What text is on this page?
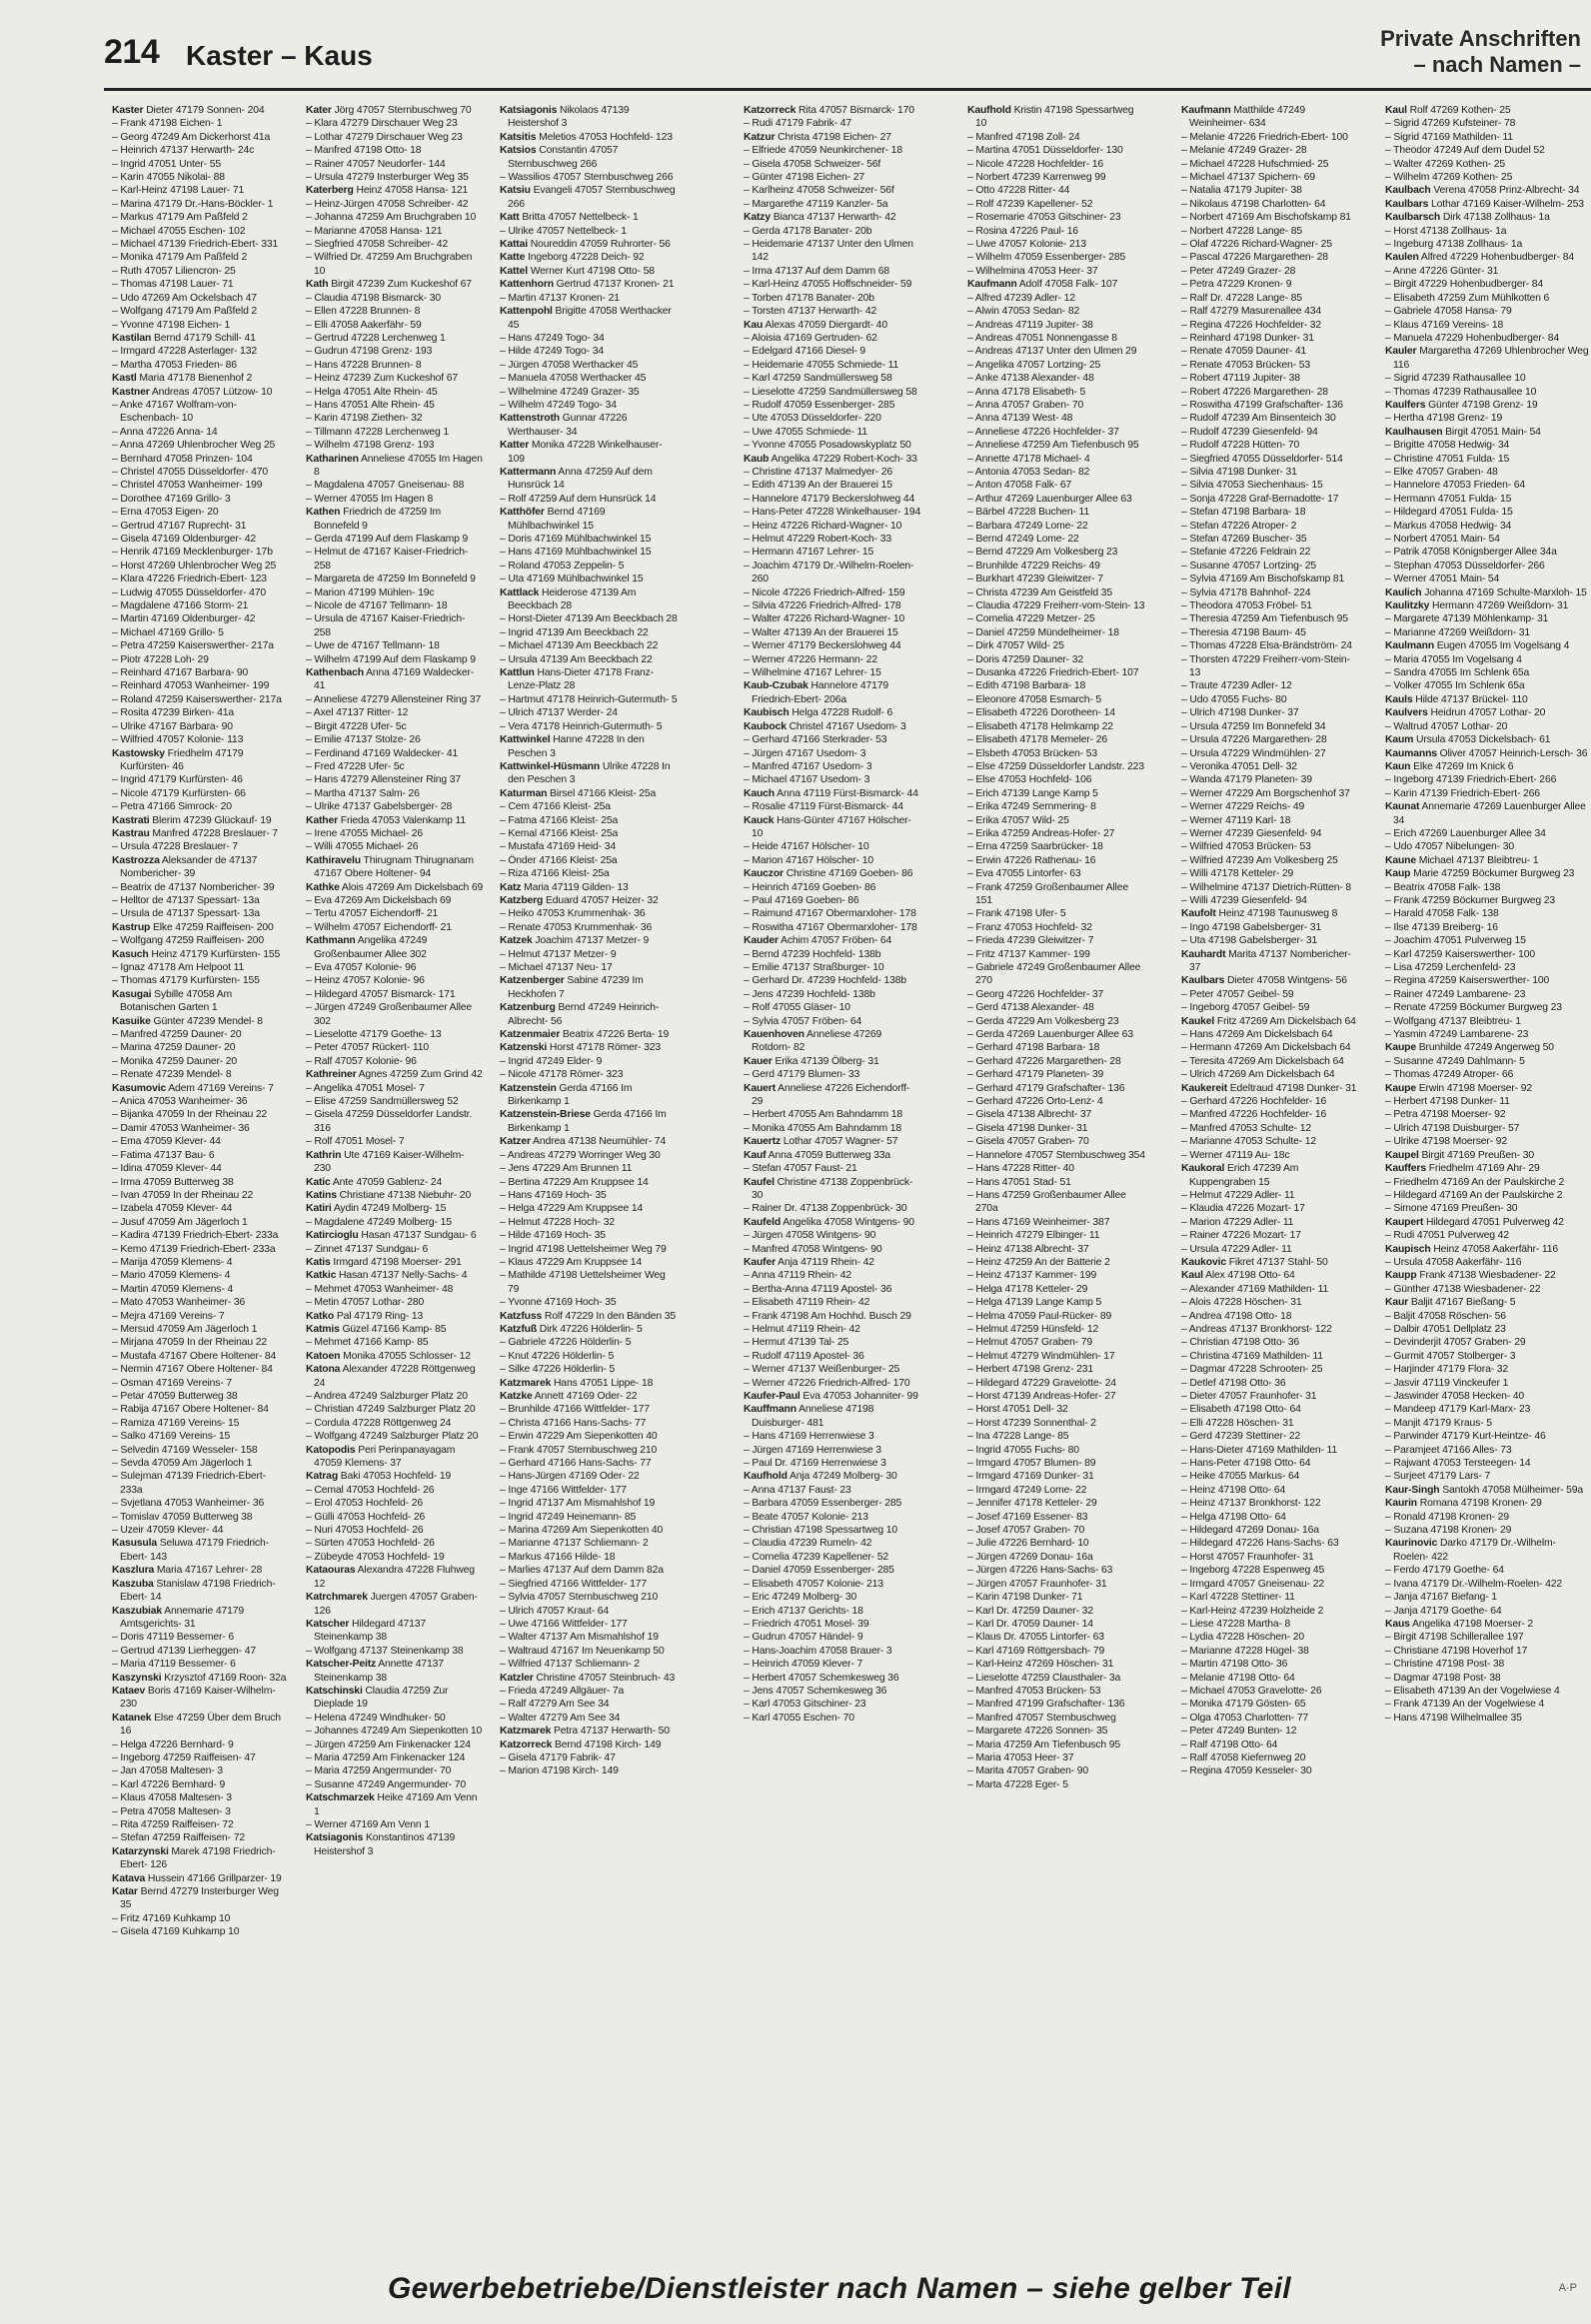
214 Kaster – Kaus
Private Anschriften
– nach Namen –
Kaster Dieter 47179 Sonnen- 204
– Frank 47198 Eichen- 1
– Georg 47249 Am Dickerhorst 41a
– Heinrich 47137 Herwarth- 24c
– Ingrid 47051 Unter- 55
– Karin 47055 Nikolai- 88
– Karl-Heinz 47198 Lauer- 71
– Marina 47179 Dr.-Hans-Böckler- 1
– Markus 47179 Am Paßfeld 2
– Michael 47055 Eschen- 102
– Michael 47139 Friedrich-Ebert- 331
– Monika 47179 Am Paßfeld 2
– Ruth 47057 Liliencron- 25
– Thomas 47198 Lauer- 71
– Udo 47269 Am Ockelsbach 47
– Wolfgang 47179 Am Paßfeld 2
– Yvonne 47198 Eichen- 1
Kastilan Bernd 47179 Schill- 41
– Irmgard 47228 Asterlager- 132
– Martha 47053 Frieden- 86
Kastl Maria 47178 Bienenhof 2
Kastner Andreas 47057 Lützow- 10
– Anke 47167 Wolfram-von-Eschenbach- 10
– Anna 47226 Anna- 14
– Anna 47269 Uhlenbrocher Weg 25
– Bernhard 47058 Prinzen- 104
– Christel 47055 Düsseldorfer- 470
– Christel 47053 Wanheimer- 199
– Dorothee 47169 Grillo- 3
– Erna 47053 Eigen- 20
– Gertrud 47167 Ruprecht- 31
– Gisela 47169 Oldenburger- 42
– Henrik 47169 Mecklenburger- 17b
– Horst 47269 Uhlenbrocher Weg 25
– Klara 47226 Friedrich-Ebert- 123
– Ludwig 47055 Düsseldorfer- 470
– Magdalene 47166 Storm- 21
– Martin 47169 Oldenburger- 42
– Michael 47169 Grillo- 5
– Petra 47259 Kaiserswerther- 217a
– Piotr 47228 Loh- 29
– Reinhard 47167 Barbara- 90
– Reinhard 47053 Wanheimer- 199
– Roland 47259 Kaiserswerther- 217a
– Rosita 47239 Birken- 41a
– Ulrike 47167 Barbara- 90
– Wilfried 47057 Kolonie- 113
Kastowsky Friedhelm 47179 Kurfürsten- 46
– Ingrid 47179 Kurfürsten- 46
– Nicole 47179 Kurfürsten- 66
– Petra 47166 Simrock- 20
Kastrati Blerim 47239 Glückauf- 19
Kastrau Manfred 47228 Breslauer- 7
– Ursula 47228 Breslauer- 7
Kastrozza Aleksander de 47137 Nombericher- 39
– Beatrix de 47137 Nombericher- 39
– Helltor de 47137 Spessart- 13a
– Ursula de 47137 Spessart- 13a
Kastrup Elke 47259 Raiffeisen- 200
– Wolfgang 47259 Raiffeisen- 200
Kasuch Heinz 47179 Kurfürsten- 155
– Ignaz 47178 Am Helpoot 11
– Thomas 47179 Kurfürsten- 155
Kasugai Sybille 47058 Am Botanischen Garten 1
Kasuike Günter 47239 Mendel- 8
– Manfred 47259 Dauner- 20
– Marina 47259 Dauner- 20
– Monika 47259 Dauner- 20
– Renate 47239 Mendel- 8
Kasumovic Adem 47169 Vereins- 7
– Anica 47053 Wanheimer- 36
– Bijanka 47059 In der Rheinau 22
– Damir 47053 Wanheimer- 36
– Ema 47059 Klever- 44
– Fatima 47137 Bau- 6
– Idina 47059 Klever- 44
– Irma 47059 Butterweg 38
– Ivan 47059 In der Rheinau 22
– Izabela 47059 Klever- 44
– Jusuf 47059 Am Jägerloch 1
– Kadira 47139 Friedrich-Ebert- 233a
– Kemo 47139 Friedrich-Ebert- 233a
– Marija 47059 Klemens- 4
– Mario 47059 Klemens- 4
– Martin 47059 Klemens- 4
– Mato 47053 Wanheimer- 36
– Mejra 47169 Vereins- 7
– Mersud 47059 Am Jägerloch 1
– Mirjana 47059 In der Rheinau 22
– Mustafa 47167 Obere Holtener- 84
– Nermin 47167 Obere Holtener- 84
– Osman 47169 Vereins- 7
– Petar 47059 Butterweg 38
– Rabija 47167 Obere Holtener- 84
– Ramiza 47169 Vereins- 15
– Salko 47169 Vereins- 15
– Selvedin 47169 Wesseler- 158
– Sevda 47059 Am Jägerloch 1
– Sulejman 47139 Friedrich-Ebert- 233a
– Svjetlana 47053 Wanheimer- 36
– Tomislav 47059 Butterweg 38
– Uzeir 47059 Klever- 44
Kasusula Seluwa 47179 Friedrich-Ebert- 143
Kaszlura Maria 47167 Lehrer- 28
Kaszuba Stanislaw 47198 Friedrich-Ebert- 14
Kaszubiak Annemarie 47179 Amtsgerichts- 31
– Doris 47119 Bessemer- 6
– Gertrud 47139 Lierheggen- 47
– Maria 47119 Bessemer- 6
Kaszynski Krzysztof 47169 Roon- 32a
Kataev Boris 47169 Kaiser-Wilhelm- 230
Katanek Else 47259 Über dem Bruch 16
– Helga 47226 Bernhard- 9
– Ingeborg 47259 Raiffeisen- 47
– Jan 47058 Maltesen- 3
– Karl 47226 Bernhard- 9
– Klaus 47058 Maltesen- 3
– Petra 47058 Maltesen- 3
– Rita 47259 Raiffeisen- 72
– Stefan 47259 Raiffeisen- 72
Katarzynski Marek 47198 Friedrich-Ebert- 126
Katava Hussein 47166 Grillparzer- 19
Katar Bernd 47279 Insterburger Weg 35
– Fritz 47169 Kuhkamp 10
– Gisela 47169 Kuhkamp 10
Kater Jörg 47057 Sternbuschweg 70
– Klara 47279 Dirschauer Weg 23
– Lothar 47279 Dirschauer Weg 23
– Manfred 47198 Otto- 18
– Rainer 47057 Neudorfer- 144
– Ursula 47279 Insterburger Weg 35
Katerberg Heinz 47058 Hansa- 121
– Heinz-Jürgen 47058 Schreiber- 42
– Johanna 47259 Am Bruchgraben 10
– Marianne 47058 Hansa- 121
– Siegfried 47058 Schreiber- 42
– Wilfried Dr. 47259 Am Bruchgraben 10
Kath Birgit 47239 Zum Kuckeshof 67
– Claudia 47198 Bismarck- 30
– Ellen 47228 Brunnen- 8
– Elli 47058 Aakerfähr- 59
– Gertrud 47228 Lerchenweg 1
– Gudrun 47198 Grenz- 193
– Hans 47228 Brunnen- 8
– Heinz 47239 Zum Kuckeshof 67
– Helga 47051 Alte Rhein- 45
– Hans 47051 Alte Rhein- 45
– Karin 47198 Ziethen- 32
– Tillmann 47228 Lerchenweg 1
– Wilhelm 47198 Grenz- 193
Katharinen Anneliese 47055 Im Hagen 8
– Magdalena 47057 Gneisenau- 88
– Werner 47055 Im Hagen 8
Kathen Friedrich de 47259 Im Bonnefeld 9
– Gerda 47199 Auf dem Flaskamp 9
– Helmut de 47167 Kaiser-Friedrich- 258
– Margareta de 47259 Im Bonnefeld 9
– Marion 47199 Mühlen- 19c
– Nicole de 47167 Tellmann- 18
– Ursula de 47167 Kaiser-Friedrich- 258
– Uwe de 47167 Tellmann- 18
– Wilhelm 47199 Auf dem Flaskamp 9
Kathenbach Anna 47169 Waldecker- 41
– Anneliese 47279 Allensteiner Ring 37
– Axel 47137 Ritter- 12
– Birgit 47228 Ufer- 5c
– Emilie 47137 Stolze- 26
– Ferdinand 47169 Waldecker- 41
– Fred 47228 Ufer- 5c
– Hans 47279 Allensteiner Ring 37
– Martha 47137 Salm- 26
– Ulrike 47137 Gabelsberger- 28
Kather Frieda 47053 Valenkamp 11
– Irene 47055 Michael- 26
– Willi 47055 Michael- 26
Kathiravelu Thirugnam Thirugnanam 47167 Obere Holtener- 94
Kathke Alois 47269 Am Dickelsbach 69
– Eva 47269 Am Dickelsbach 69
– Tertu 47057 Eichendorff- 21
– Wilhelm 47057 Eichendorff- 21
Kathmann Angelika 47249 Großenbaumer Allee 302
– Eva 47057 Kolonie- 96
– Heinz 47057 Kolonie- 96
– Hildegard 47057 Bismarck- 171
– Jürgen 47249 Großenbaumer Allee 302
– Lieselotte 47179 Goethe- 13
– Peter 47057 Rückert- 110
– Ralf 47057 Kolonie- 96
Kathreiner Agnes 47259 Zum Grind 42
– Angelika 47051 Mosel- 7
– Elise 47259 Sandmüllersweg 52
– Gisela 47259 Düsseldorfer Landstr. 316
– Rolf 47051 Mosel- 7
Kathrin Ute 47169 Kaiser-Wilhelm- 230
Katic Ante 47059 Gablenz- 24
Katins Christiane 47138 Niebuhr- 20
Katiri Aydin 47249 Molberg- 15
– Magdalene 47249 Molberg- 15
Katircioglu Hasan 47137 Sundgau- 6
– Zinnet 47137 Sundgau- 6
Katis Irmgard 47198 Moerser- 291
Katkic Hasan 47137 Nelly-Sachs- 4
– Mehmet 47053 Wanheimer- 48
– Metin 47057 Lothar- 280
Katko Pal 47179 Ring- 13
Katmis Güzel 47166 Kamp- 85
– Mehmet 47166 Kamp- 85
Katoen Monika 47055 Schlosser- 12
Katona Alexander 47228 Röttgenweg 24
– Andrea 47249 Salzburger Platz 20
– Christian 47249 Salzburger Platz 20
– Cordula 47228 Röttgenweg 24
– Wolfgang 47249 Salzburger Platz 20
Katopodis Peri Perinpanayagam 47059 Klemens- 37
Katrag Baki 47053 Hochfeld- 19
– Cemal 47053 Hochfeld- 26
– Erol 47053 Hochfeld- 26
– Gülli 47053 Hochfeld- 26
– Nuri 47053 Hochfeld- 26
– Sürten 47053 Hochfeld- 26
– Zübeyde 47053 Hochfeld- 19
Kataouras Alexandra 47228 Fluhweg 12
Katrchmarek Juergen 47057 Graben- 126
Katscher Hildegard 47137 Steinenkamp 38
– Wolfgang 47137 Steinenkamp 38
Katscher-Peitz Annette 47137 Steinenkamp 38
Katschinski Claudia 47259 Zur Dieplade 19
– Helena 47249 Windhuker- 50
– Johannes 47249 Am Siepenkotten 10
– Jürgen 47259 Am Finkenacker 124
– Maria 47259 Am Finkenacker 124
– Maria 47259 Angermunder- 70
– Susanne 47249 Angermunder- 70
Katschmarzek Heike 47169 Am Venn 1
– Werner 47169 Am Venn 1
Katsiagonis Konstantinos 47139 Heistershof 3
Katsiagonis Nikolaos 47139 Heistershof 3
Katsitis Meletios 47053 Hochfeld- 123
Katsios Constantin 47057 Sternbuschweg 266
– Wassilios 47057 Sternbuschweg 266
Katsiu Evangeli 47057 Sternbuschweg 266
Katt Britta 47057 Nettelbeck- 1
– Ulrike 47057 Nettelbeck- 1
Kattai Noureddin 47059 Ruhrorter- 56
Katte Ingeborg 47228 Deich- 92
Kattel Werner Kurt 47198 Otto- 58
Kattenhorn Gertrud 47137 Kronen- 21
– Martin 47137 Kronen- 21
Kattenpohl Brigitte 47058 Werthacker 45
– Hans 47249 Togo- 34
– Hilde 47249 Togo- 34
– Jürgen 47058 Werthacker 45
– Manuela 47058 Werthacker 45
– Wilhelmine 47249 Grazer- 35
– Wilhelm 47249 Togo- 34
Kattenstroth Gunnar 47226 Werthauser- 34
Katter Monika 47228 Winkelhauser- 109
Kattermann Anna 47259 Auf dem Hunsrück 14
– Rolf 47259 Auf dem Hunsrück 14
Katthöfer Bernd 47169 Mühlbachwinkel 15
– Doris 47169 Mühlbachwinkel 15
– Hans 47169 Mühlbachwinkel 15
– Roland 47053 Zeppelin- 5
– Uta 47169 Mühlbachwinkel 15
Kattlack Heiderose 47139 Am Beeckbach 28
– Horst-Dieter 47139 Am Beeckbach 28
– Ingrid 47139 Am Beeckbach 22
– Michael 47139 Am Beeckbach 22
– Ursula 47139 Am Beeckbach 22
Kattlun Hans-Dieter 47178 Franz-Lenze-Platz 28
– Hartmut 47178 Heinrich-Gutermuth- 5
– Ulrich 47137 Werder- 24
– Vera 47178 Heinrich-Gutermuth- 5
Kattwinkel Hanne 47228 In den Peschen 3
Kattwinkel-Hüsmann Ulrike 47228 In den Peschen 3
Katurman Birsel 47166 Kleist- 25a
– Cem 47166 Kleist- 25a
– Fatma 47166 Kleist- 25a
– Kemal 47166 Kleist- 25a
– Mustafa 47169 Heid- 34
– Önder 47166 Kleist- 25a
– Riza 47166 Kleist- 25a
Katz Maria 47119 Gilden- 13
Katzberg Eduard 47057 Heizer- 32
– Heiko 47053 Krummenhak- 36
– Renate 47053 Krummenhak- 36
Katzek Joachim 47137 Metzer- 9
– Helmut 47137 Metzer- 9
– Michael 47137 Neu- 17
Katzenberger Sabine 47239 Im Heckhofen 7
Katzenburg Bernd 47249 Heinrich-Albrecht- 56
Katzenmaier Beatrix 47226 Berta- 19
Katzenski Horst 47178 Römer- 323
– Ingrid 47249 Elder- 9
– Nicole 47178 Römer- 323
Katzenstein Gerda 47166 Im Birkenkamp 1
Katzenstein-Briese Gerda 47166 Im Birkenkamp 1
Katzer Andrea 47138 Neumühler- 74
– Andreas 47279 Worringer Weg 30
– Jens 47229 Am Brunnen 11
– Bertina 47229 Am Kruppsee 14
– Hans 47169 Hoch- 35
– Helga 47229 Am Kruppsee 14
– Helmut 47228 Hoch- 32
– Hilde 47169 Hoch- 35
– Ingrid 47198 Uettelsheimer Weg 79
– Klaus 47229 Am Kruppsee 14
– Mathilde 47198 Uettelsheimer Weg 79
– Yvonne 47169 Hoch- 35
Katzfuss Rolf 47229 In den Bänden 35
Katzfuß Dirk 47226 Hölderlin- 5
– Gabriele 47226 Hölderlin- 5
– Knut 47226 Hölderlin- 5
– Silke 47226 Hölderlin- 5
Katzmarek Hans 47051 Lippe- 18
Katzke Annett 47169 Oder- 22
– Brunhilde 47166 Wittfelder- 177
– Christa 47166 Hans-Sachs- 77
– Erwin 47229 Am Siepenkotten 40
– Frank 47057 Sternbuschweg 210
– Gerhard 47166 Hans-Sachs- 77
– Hans-Jürgen 47169 Oder- 22
– Inge 47166 Wittfelder- 177
– Ingrid 47137 Am Mismahlshof 19
– Ingrid 47249 Heinemann- 85
– Marina 47269 Am Siepenkotten 40
– Marianne 47137 Schliemann- 2
– Markus 47166 Hilde- 18
– Marlies 47137 Auf dem Damm 82a
– Siegfried 47166 Wittfelder- 177
– Sylvia 47057 Sternbuschweg 210
– Ulrich 47057 Kraut- 64
– Uwe 47166 Wittfelder- 177
– Walter 47137 Am Mismahlshof 19
– Waltraud 47167 Im Neuenkamp 50
– Wilfried 47137 Schliemann- 2
Katzler Christine 47057 Steinbruch- 43
– Frieda 47249 Allgäuer- 7a
– Ralf 47279 Am See 34
– Walter 47279 Am See 34
Katzmarek Petra 47137 Herwarth- 50
Katzorreck Bernd 47198 Kirch- 149
– Gisela 47179 Fabrik- 47
– Marion 47198 Kirch- 149
Katzorreck Rita 47057 Bismarck- 170
– Rudi 47179 Fabrik- 47
Katzur Christa 47198 Eichen- 27
– Elfriede 47059 Neunkirchener- 18
– Gisela 47058 Schweizer- 56f
– Günter 47198 Eichen- 27
– Karlheinz 47058 Schweizer- 56f
– Margarethe 47119 Kanzler- 5a
Katzy Bianca 47137 Herwarth- 42
– Gerda 47178 Banater- 20b
– Heidemarie 47137 Unter den Ulmen 142
– Irma 47137 Auf dem Damm 68
– Karl-Heinz 47055 Hoffschneider- 59
– Torben 47178 Banater- 20b
– Torsten 47137 Herwarth- 42
Kau Alexas 47059 Diergardt- 40
– Aloisia 47169 Gertruden- 62
– Edelgard 47166 Diesel- 9
– Heidemarie 47055 Schmiede- 11
– Karl 47259 Sandmüllersweg 58
– Lieselotte 47259 Sandmüllersweg 58
– Rudolf 47059 Essenberger- 285
– Ute 47053 Düsseldorfer- 220
– Uwe 47055 Schmiede- 11
– Yvonne 47055 Posadowskyplatz 50
Kaub Angelika 47229 Robert-Koch- 33
– Christine 47137 Malmedyer- 26
– Edith 47139 An der Brauerei 15
– Hannelore 47179 Beckerslohweg 44
– Hans-Peter 47228 Winkelhauser- 194
– Heinz 47226 Richard-Wagner- 10
– Helmut 47229 Robert-Koch- 33
– Hermann 47167 Lehrer- 15
– Joachim 47179 Dr.-Wilhelm-Roelen- 260
– Nicole 47226 Friedrich-Alfred- 159
– Silvia 47226 Friedrich-Alfred- 178
– Walter 47226 Richard-Wagner- 10
– Walter 47139 An der Brauerei 15
– Werner 47179 Beckerslohweg 44
– Werner 47226 Hermann- 22
– Wilhelmine 47167 Lehrer- 15
Kaub-Czubak Hannelore 47179 Friedrich-Ebert- 206a
Kaubisch Helga 47228 Rudolf- 6
Kaubock Christel 47167 Usedom- 3
– Gerhard 47166 Sterkrader- 53
– Jürgen 47167 Usedom- 3
– Manfred 47167 Usedom- 3
– Michael 47167 Usedom- 3
Kauch Anna 47119 Fürst-Bismarck- 44
– Rosalie 47119 Fürst-Bismarck- 44
Kauck Hans-Günter 47167 Hölscher- 10
– Heide 47167 Hölscher- 10
– Marion 47167 Hölscher- 10
Kauczor Christine 47169 Goeben- 86
– Heinrich 47169 Goeben- 86
– Paul 47169 Goeben- 86
– Raimund 47167 Obermarxloher- 178
– Roswitha 47167 Obermarxloher- 178
Kauder Achim 47057 Fröben- 64
– Bernd 47239 Hochfeld- 138b
– Emilie 47137 Straßburger- 10
– Gerhard Dr. 47239 Hochfeld- 138b
– Jens 47239 Hochfeld- 138b
– Rolf 47055 Gläser- 10
– Sylvia 47057 Fröben- 64
Kauenhoven Anneliese 47269 Rotdorn- 82
Kauer Erika 47139 Ölberg- 31
– Gerd 47179 Blumen- 33
Kauert Anneliese 47226 Eichendorff- 29
– Herbert 47055 Am Bahndamm 18
– Monika 47055 Am Bahndamm 18
Kauertz Lothar 47057 Wagner- 57
Kauf Anna 47059 Butterweg 33a
– Stefan 47057 Faust- 21
Kaufel Christine 47138 Zoppenbrück- 30
– Rainer Dr. 47138 Zoppenbrück- 30
Kaufeld Angelika 47058 Wintgens- 90
– Jürgen 47058 Wintgens- 90
– Manfred 47058 Wintgens- 90
Kaufer Anja 47119 Rhein- 42
– Anna 47119 Rhein- 42
– Bertha-Anna 47119 Apostel- 36
– Elisabeth 47119 Rhein- 42
– Frank 47198 Am Hochhd. Busch 29
– Helmut 47119 Rhein- 42
– Hermut 47139 Tal- 25
– Rudolf 47119 Apostel- 36
– Werner 47137 Weißenburger- 25
– Werner 47226 Friedrich-Alfred- 170
Kaufer-Paul Eva 47053 Johanniter- 99
Kauffmann Anneliese 47198 Duisburger- 481
– Hans 47169 Herrenwiese 3
– Jürgen 47169 Herrenwiese 3
– Paul Dr. 47169 Herrenwiese 3
Kaufhold Anja 47249 Molberg- 30
– Anna 47137 Faust- 23
– Barbara 47059 Essenberger- 285
– Beate 47057 Kolonie- 213
– Christian 47198 Spessartweg 10
– Claudia 47239 Rumeln- 42
– Cornelia 47239 Kapellener- 52
– Daniel 47059 Essenberger- 285
– Elisabeth 47057 Kolonie- 213
– Eric 47249 Molberg- 30
– Erich 47137 Gerichts- 18
– Friedrich 47051 Mosel- 39
– Gudrun 47057 Händel- 9
– Hans-Joachim 47058 Brauer- 3
– Heinrich 47059 Klever- 7
– Herbert 47057 Schemkesweg 36
– Jens 47057 Schemkesweg 36
– Karl 47053 Gitschiner- 23
– Karl 47055 Eschen- 70
Kaufhold Kristin 47198 Spessartweg 10
– Manfred 47198 Zoll- 24
– Martina 47051 Düsseldorfer- 130
– Nicole 47228 Hochfelder- 16
– Norbert 47239 Karrenweg 99
– Otto 47228 Ritter- 44
– Rolf 47239 Kapellener- 52
– Rosemarie 47053 Gitschiner- 23
– Rosina 47226 Paul- 16
– Uwe 47057 Kolonie- 213
– Wilhelm 47059 Essenberger- 285
– Wilhelmina 47053 Heer- 37
Kaufmann Adolf 47058 Falk- 107
– Alfred 47239 Adler- 12
– Alwin 47053 Sedan- 82
– Andreas 47119 Jupiter- 38
– Andreas 47051 Nonnengasse 8
– Andreas 47137 Unter den Ulmen 29
– Angelika 47057 Lortzing- 25
– Anke 47138 Alexander- 48
– Anna 47178 Elisabeth- 5
– Anna 47057 Graben- 70
– Anna 47139 West- 48
– Anneliese 47226 Hochfelder- 37
– Anneliese 47259 Am Tiefenbusch 95
– Annette 47178 Michael- 4
– Antonia 47053 Sedan- 82
– Anton 47058 Falk- 67
– Arthur 47269 Lauenburger Allee 63
– Bärbel 47228 Buchen- 11
– Barbara 47249 Lome- 22
– Bernd 47249 Lome- 22
– Bernd 47229 Am Volkesberg 23
– Brunhilde 47229 Reichs- 49
– Burkhart 47239 Gleiwitzer- 7
– Christa 47239 Am Geistfeld 35
– Claudia 47229 Freiherr-vom-Stein- 13
– Cornelia 47229 Metzer- 25
– Daniel 47259 Mündelheimer- 18
– Dirk 47057 Wild- 25
– Doris 47259 Dauner- 32
– Dusanka 47226 Friedrich-Ebert- 107
– Edith 47198 Barbara- 18
– Eleonore 47058 Esmarch- 5
– Elisabeth 47226 Dorotheen- 14
– Elisabeth 47178 Helmkamp 22
– Elisabeth 47178 Memeler- 26
– Elsbeth 47053 Brücken- 53
– Else 47259 Düsseldorfer Landstr. 223
– Else 47053 Hochfeld- 106
– Erich 47139 Lange Kamp 5
– Erika 47249 Sernmering- 8
– Erika 47057 Wild- 25
– Erika 47259 Andreas-Hofer- 27
– Erna 47259 Saarbrücker- 18
– Erwin 47226 Rathenau- 16
– Eva 47055 Lintorfer- 63
– Frank 47259 Großenbaumer Allee 151
– Frank 47198 Ufer- 5
– Franz 47053 Hochfeld- 32
– Frieda 47239 Gleiwitzer- 7
– Fritz 47137 Kammer- 199
– Gabriele 47249 Großenbaumer Allee 270
– Georg 47226 Hochfelder- 37
– Gerd 47138 Alexander- 48
– Gerda 47229 Am Volkesberg 23
– Gerda 47269 Lauenburger Allee 63
– Gerhard 47198 Barbara- 18
– Gerhard 47226 Margarethen- 28
– Gerhard 47179 Planeten- 39
– Gerhard 47179 Grafschafter- 136
– Gerhard 47226 Orto-Lenz- 4
– Gisela 47138 Albrecht- 37
– Gisela 47198 Dunker- 31
– Gisela 47057 Graben- 70
– Hannelore 47057 Sternbuschweg 354
– Hans 47228 Ritter- 40
– Hans 47051 Stad- 51
– Hans 47259 Großenbaumer Allee 270a
– Hans 47169 Weinheimer- 387
– Heinrich 47279 Elbinger- 11
– Heinz 47138 Albrecht- 37
– Heinz 47259 An der Batterie 2
– Heinz 47137 Kammer- 199
– Helga 47178 Ketteler- 29
– Helga 47139 Lange Kamp 5
– Helma 47059 Paul-Rücker- 89
– Helmut 47259 Hünsfeld- 12
– Helmut 47057 Graben- 79
– Helmut 47279 Windmühlen- 17
– Herbert 47198 Grenz- 231
– Hildegard 47229 Gravelotte- 24
– Horst 47139 Andreas-Hofer- 27
– Horst 47051 Dell- 32
– Horst 47239 Sonnenthal- 2
– Ina 47228 Lange- 85
– Ingrid 47055 Fuchs- 80
– Irmgard 47057 Blumen- 89
– Irmgard 47169 Dunker- 31
– Irmgard 47249 Lome- 22
– Jennifer 47178 Ketteler- 29
– Josef 47169 Essener- 83
– Josef 47057 Graben- 70
– Julie 47226 Bernhard- 10
– Jürgen 47269 Donau- 16a
– Jürgen 47226 Hans-Sachs- 63
– Jürgen 47057 Fraunhofer- 31
– Karin 47198 Dunker- 71
– Karl Dr. 47259 Dauner- 32
– Karl Dr. 47059 Dauner- 14
– Klaus Dr. 47055 Lintorfer- 63
– Karl 47169 Röttgersbach- 79
– Karl-Heinz 47269 Höschen- 31
– Lieselotte 47259 Clausthaler- 3a
– Manfred 47053 Brücken- 53
– Manfred 47199 Grafschafter- 136
– Manfred 47057 Sternbuschweg
– Margarete 47226 Sonnen- 35
– Maria 47259 Am Tiefenbusch 95
– Maria 47053 Heer- 37
– Marita 47057 Graben- 90
– Marta 47228 Eger- 5
Kaufmann Matthilde 47249 Weinheimer- 634
– Melanie 47226 Friedrich-Ebert- 100
– Melanie 47249 Grazer- 28
– Michael 47228 Hufschmied- 25
– Michael 47137 Spichern- 69
– Natalia 47179 Jupiter- 38
– Nikolaus 47198 Charlotten- 64
– Norbert 47169 Am Bischofskamp 81
– Norbert 47228 Lange- 85
– Olaf 47226 Richard-Wagner- 25
– Pascal 47226 Margarethen- 28
– Peter 47249 Grazer- 28
– Petra 47229 Kronen- 9
– Ralf Dr. 47228 Lange- 85
– Ralf 47279 Masurenallee 434
– Regina 47226 Hochfelder- 32
– Reinhard 47198 Dunker- 31
– Renate 47059 Dauner- 41
– Renate 47053 Brücken- 53
– Robert 47119 Jupiter- 38
– Robert 47226 Margarethen- 28
– Roswitha 47199 Grafschafter- 136
– Rudolf 47239 Am Binsenteich 30
– Rudolf 47239 Giesenfeld- 94
– Rudolf 47228 Hütten- 70
– Siegfried 47055 Düsseldorfer- 514
– Silvia 47198 Dunker- 31
– Silvia 47053 Siechenhaus- 15
– Sonja 47228 Graf-Bernadotte- 17
– Stefan 47198 Barbara- 18
– Stefan 47226 Atroper- 2
– Stefan 47269 Buscher- 35
– Stefanie 47226 Feldrain 22
– Susanne 47057 Lortzing- 25
– Sylvia 47169 Am Bischofskamp 81
– Sylvia 47178 Bahnhof- 224
– Theodora 47053 Fröbel- 51
– Theresia 47259 Am Tiefenbusch 95
– Theresia 47198 Baum- 45
– Thomas 47228 Elsa-Brändström- 24
– Thorsten 47229 Freiherr-vom-Stein- 13
– Traute 47239 Adler- 12
– Udo 47055 Fuchs- 80
– Ulrich 47198 Dunker- 37
– Ursula 47259 Im Bonnefeld 34
– Ursula 47226 Margarethen- 28
– Ursula 47229 Windmühlen- 27
– Veronika 47051 Dell- 32
– Wanda 47179 Planeten- 39
– Werner 47229 Am Borgschenhof 37
– Werner 47229 Reichs- 49
– Werner 47119 Karl- 18
– Werner 47239 Giesenfeld- 94
– Wilfried 47053 Brücken- 53
– Wilfried 47239 Am Volkesberg 25
– Willi 47178 Ketteler- 29
– Wilhelmine 47137 Dietrich-Rütten- 8
– Willi 47239 Giesenfeld- 94
Kaufolt Heinz 47198 Taunusweg 8
– Ingo 47198 Gabelsberger- 31
– Uta 47198 Gabelsberger- 31
Kauhardt Marita 47137 Nombericher- 37
Kaulbars Dieter 47058 Wintgens- 56
– Peter 47057 Geibel- 59
– Ingeborg 47057 Geibel- 59
Kaukel Fritz 47269 Am Dickelsbach 64
– Hans 47269 Am Dickelsbach 64
– Hermann 47269 Am Dickelsbach 64
– Teresita 47269 Am Dickelsbach 64
– Ulrich 47269 Am Dickelsbach 64
Kaukereit Edeltraud 47198 Dunker- 31
– Gerhard 47226 Hochfelder- 16
– Manfred 47226 Hochfelder- 16
– Manfred 47053 Schulte- 12
– Marianne 47053 Schulte- 12
– Werner 47119 Au- 18c
Kaukoral Erich 47239 Am Kuppengraben 15
– Helmut 47229 Adler- 11
– Klaudia 47226 Mozart- 17
– Marion 47229 Adler- 11
– Rainer 47226 Mozart- 17
– Ursula 47229 Adler- 11
Kaukovic Fikret 47137 Stahl- 50
Kaul Alex 47198 Otto- 64
– Alexander 47169 Mathilden- 11
– Alois 47228 Höschen- 31
– Andrea 47198 Otto- 18
– Andreas 47137 Bronkhorst- 122
– Christian 47198 Otto- 36
– Christina 47169 Mathilden- 11
– Dagmar 47228 Schrooten- 25
– Detlef 47198 Otto- 36
– Dieter 47057 Fraunhofer- 31
– Elisabeth 47198 Otto- 64
– Elli 47228 Höschen- 31
– Gerd 47239 Stettiner- 22
– Hans-Dieter 47169 Mathilden- 11
– Hans-Peter 47198 Otto- 64
– Heike 47055 Markus- 64
– Heinz 47198 Otto- 64
– Heinz 47137 Bronkhorst- 122
– Helga 47198 Otto- 64
– Hildegard 47269 Donau- 16a
– Hildegard 47226 Hans-Sachs- 63
– Horst 47057 Fraunhofer- 31
– Ingeborg 47228 Espenweg 45
– Irmgard 47057 Gneisenau- 22
– Karl 47228 Stettiner- 11
– Karl-Heinz 47239 Holzheide 2
– Liese 47228 Martha- 8
– Lydia 47228 Höschen- 20
– Marianne 47228 Hügel- 38
– Martin 47198 Otto- 36
– Melanie 47198 Otto- 64
– Michael 47053 Gravelotte- 26
– Monika 47179 Gösten- 65
– Olga 47053 Charlotten- 77
– Peter 47249 Bunten- 12
– Ralf 47198 Otto- 64
– Ralf 47058 Kiefernweg 20
– Regina 47059 Kesseler- 30
Kaul Rolf 47269 Kothen- 25
– Sigrid 47269 Kufsteiner- 78
– Sigrid 47169 Mathilden- 11
– Theodor 47249 Auf dem Dudel 52
– Walter 47269 Kothen- 25
– Wilhelm 47269 Kothen- 25
Kaulbach Verena 47058 Prinz-Albrecht- 34
Kaulbars Lothar 47169 Kaiser-Wilhelm- 253
Kaulbarsch Dirk 47138 Zollhaus- 1a
– Horst 47138 Zollhaus- 1a
– Ingeburg 47138 Zollhaus- 1a
Kaulen Alfred 47229 Hohenbudberger- 84
– Anne 47226 Günter- 31
– Birgit 47229 Hohenbudberger- 84
– Elisabeth 47259 Zum Mühlkotten 6
– Gabriele 47058 Hansa- 79
– Klaus 47169 Vereins- 18
– Manuela 47229 Hohenbudberger- 84
Kauler Margaretha 47269 Uhlenbrocher Weg 116
– Sigrid 47239 Rathausallee 10
– Thomas 47239 Rathausallee 10
Kaulfers Günter 47198 Grenz- 19
– Hertha 47198 Grenz- 19
Kaulhausen Birgit 47051 Main- 54
– Brigitte 47058 Hedwig- 34
– Christine 47051 Fulda- 15
– Elke 47057 Graben- 48
– Hannelore 47053 Frieden- 64
– Hermann 47051 Fulda- 15
– Hildegard 47051 Fulda- 15
– Markus 47058 Hedwig- 34
– Norbert 47051 Main- 54
– Patrik 47058 Königsberger Allee 34a
– Stephan 47053 Düsseldorfer- 266
– Werner 47051 Main- 54
Kaulich Johanna 47169 Schulte-Marxloh- 15
Kaulitzky Hermann 47269 Weißdorn- 31
– Margarete 47139 Möhlenkamp- 31
– Marianne 47269 Weißdorn- 31
Kaulmann Eugen 47055 Im Vogelsang 4
– Maria 47055 Im Vogelsang 4
– Sandra 47055 Im Schlenk 65a
– Volker 47055 Im Schlenk 65a
Kauls Hilde 47137 Brückel- 110
Kaulvers Heidrun 47057 Lothar- 20
– Waltrud 47057 Lothar- 20
Kaum Ursula 47053 Dickelsbach- 61
Kaumanns Oliver 47057 Heinrich-Lersch- 36
Kaun Elke 47269 Im Knick 6
– Ingeborg 47139 Friedrich-Ebert- 266
– Karin 47139 Friedrich-Ebert- 266
Kaunat Annemarie 47269 Lauenburger Allee 34
– Erich 47269 Lauenburger Allee 34
– Udo 47057 Nibelungen- 30
Kaune Michael 47137 Bleibtreu- 1
Kaup Marie 47259 Böckumer Burgweg 23
– Beatrix 47058 Falk- 138
– Frank 47259 Böckumer Burgweg 23
– Harald 47058 Falk- 138
– Ilse 47139 Breiberg- 16
– Joachim 47051 Pulverweg 15
– Karl 47259 Kaiserswerther- 100
– Lisa 47259 Lerchenfeld- 23
– Regina 47259 Kaiserswerther- 100
– Rainer 47249 Lambarene- 23
– Renate 47259 Böckumer Burgweg 23
– Wolfgang 47137 Bleibtreu- 1
– Yasmin 47249 Lambarene- 23
Kaupe Brunhilde 47249 Angerweg 50
– Susanne 47249 Dahlmann- 5
– Thomas 47249 Atroper- 66
Kaupe Erwin 47198 Moerser- 92
– Herbert 47198 Dunker- 11
– Petra 47198 Moerser- 92
– Ulrich 47198 Duisburger- 57
– Ulrike 47198 Moerser- 92
Kaupel Birgit 47169 Preußen- 30
Kauffers Friedhelm 47169 Ahr- 29
– Friedhelm 47169 An der Paulskirche 2
– Hildegard 47169 An der Paulskirche 2
– Simone 47169 Preußen- 30
Kaupert Hildegard 47051 Pulverweg 42
– Rudi 47051 Pulverweg 42
Kaupisch Heinz 47058 Aakerfähr- 116
– Ursula 47058 Aakerfähr- 116
Kaupp Frank 47138 Wiesbadener- 22
– Günther 47138 Wiesbadener- 22
Kaur Baljit 47167 Bießang- 5
– Baljit 47058 Röschen- 56
– Dalbir 47051 Dellplatz 23
– Devinderjit 47057 Graben- 29
– Gurmit 47057 Stolberger- 3
– Harjinder 47179 Flora- 32
– Jasvir 47119 Vinckeufer 1
– Jaswinder 47058 Hecken- 40
– Mandeep 47179 Karl-Marx- 23
– Manjit 47179 Kraus- 5
– Parwinder 47179 Kurt-Heintze- 46
– Paramjeet 47166 Alles- 73
– Rajwant 47053 Tersteegen- 14
– Surjeet 47179 Lars- 7
Kaur-Singh Santokh 47058 Mülheimer- 59a
Kaurin Romana 47198 Kronen- 29
– Ronald 47198 Kronen- 29
– Suzana 47198 Kronen- 29
Kaurinovic Darko 47179 Dr.-Wilhelm-Roelen- 422
– Ferdo 47179 Goethe- 64
– Ivana 47179 Dr.-Wilhelm-Roelen- 422
– Janja 47167 Biefang- 1
– Janja 47179 Goethe- 64
Kaus Angelika 47198 Moerser- 2
– Birgit 47198 Schillerallee 197
– Christiane 47198 Hoverhof 17
– Christine 47198 Post- 38
– Dagmar 47198 Post- 38
– Elisabeth 47139 An der Vogelwiese 4
– Frank 47139 An der Vogelwiese 4
– Hans 47198 Wilhelmallee 35
Gewerbebetriebe/Dienstleister nach Namen – siehe gelber Teil	A·P
